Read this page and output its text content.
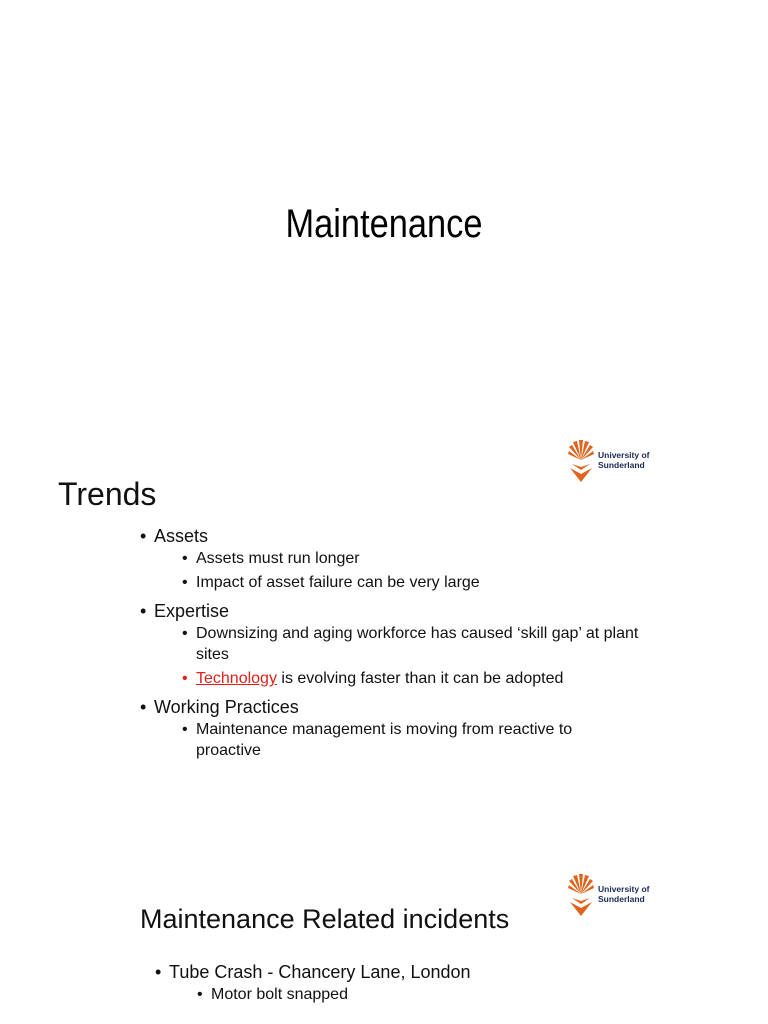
Maintenance
University of Sunderland
Trends
• Assets
• Assets must run longer
• Impact of asset failure can be very large
• Expertise
• Downsizing and aging workforce has caused ‘skill gap’ at plant sites
• Technology is evolving faster than it can be adopted
• Working Practices
• Maintenance management is moving from reactive to proactive
University of Sunderland
Maintenance Related incidents
• Tube Crash - Chancery Lane, London
• Motor bolt snapped
